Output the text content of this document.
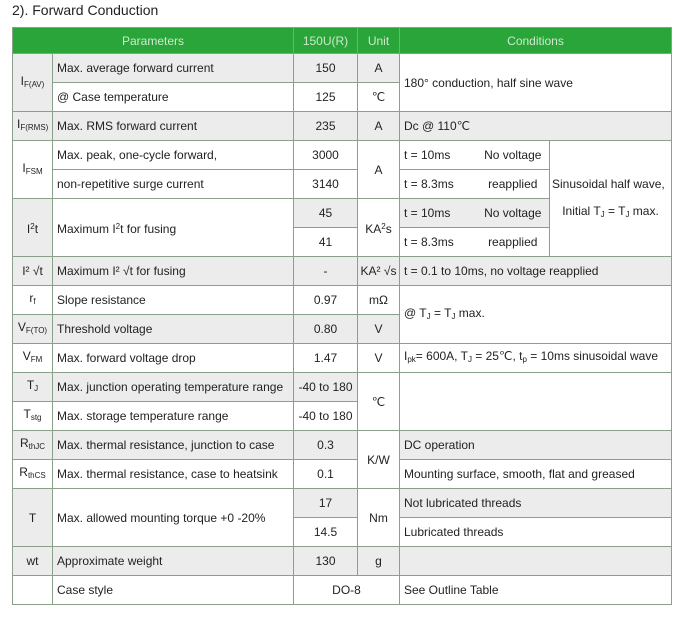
2). Forward Conduction
Parameters		150U(R)	Unit	Conditions		
$I_{F(AV)}$	Max. average forward current	150	A	180° conduction, half sine wave		
	@ Case temperature	125	℃			
$I_{F(RMS)}$	Max. RMS forward current	235	A	Dc @ 110℃		
$I_{FSM}$	Max. peak, one-cycle forward,	3000	A	t = 10ms	No voltage	
	non-repetitive surge current	3140		t = 8.3ms	reapplied	Sinusoidal half wave,
$I^2t$	Maximum $I^2t$ for fusing	45	$KA^2s$	t = 10ms	No voltage	Initial $T_J = T_J$ max.
		41		t = 8.3ms	reapplied	
I² √t	Maximum I² √t for fusing	-	KA² √s	t = 0.1 to 10ms, no voltage reapplied		
$r_f$	Slope resistance	0.97	mΩ	@ $T_J = T_J$ max.		
$V_{F(TO)}$	Threshold voltage	0.80	V			
$V_{FM}$	Max. forward voltage drop	1.47	V	$I_{pk}= 600A$, $T_J$ = 25℃, $t_p = 10ms$ sinusoidal wave		
$T_J$	Max. junction operating temperature range	-40 to 180	℃			
$T_{stg}$	Max. storage temperature range	-40 to 180				
$R_{thJC}$	Max. thermal resistance, junction to case	0.3	K/W	DC operation		
$R_{thCS}$	Max. thermal resistance, case to heatsink	0.1		Mounting surface, smooth, flat and greased		
T	Max. allowed mounting torque +0 -20%	17	Nm	Not lubricated threads		
		14.5		Lubricated threads		
wt	Approximate weight	130	g			
	Case style	DO-8		See Outline Table		
